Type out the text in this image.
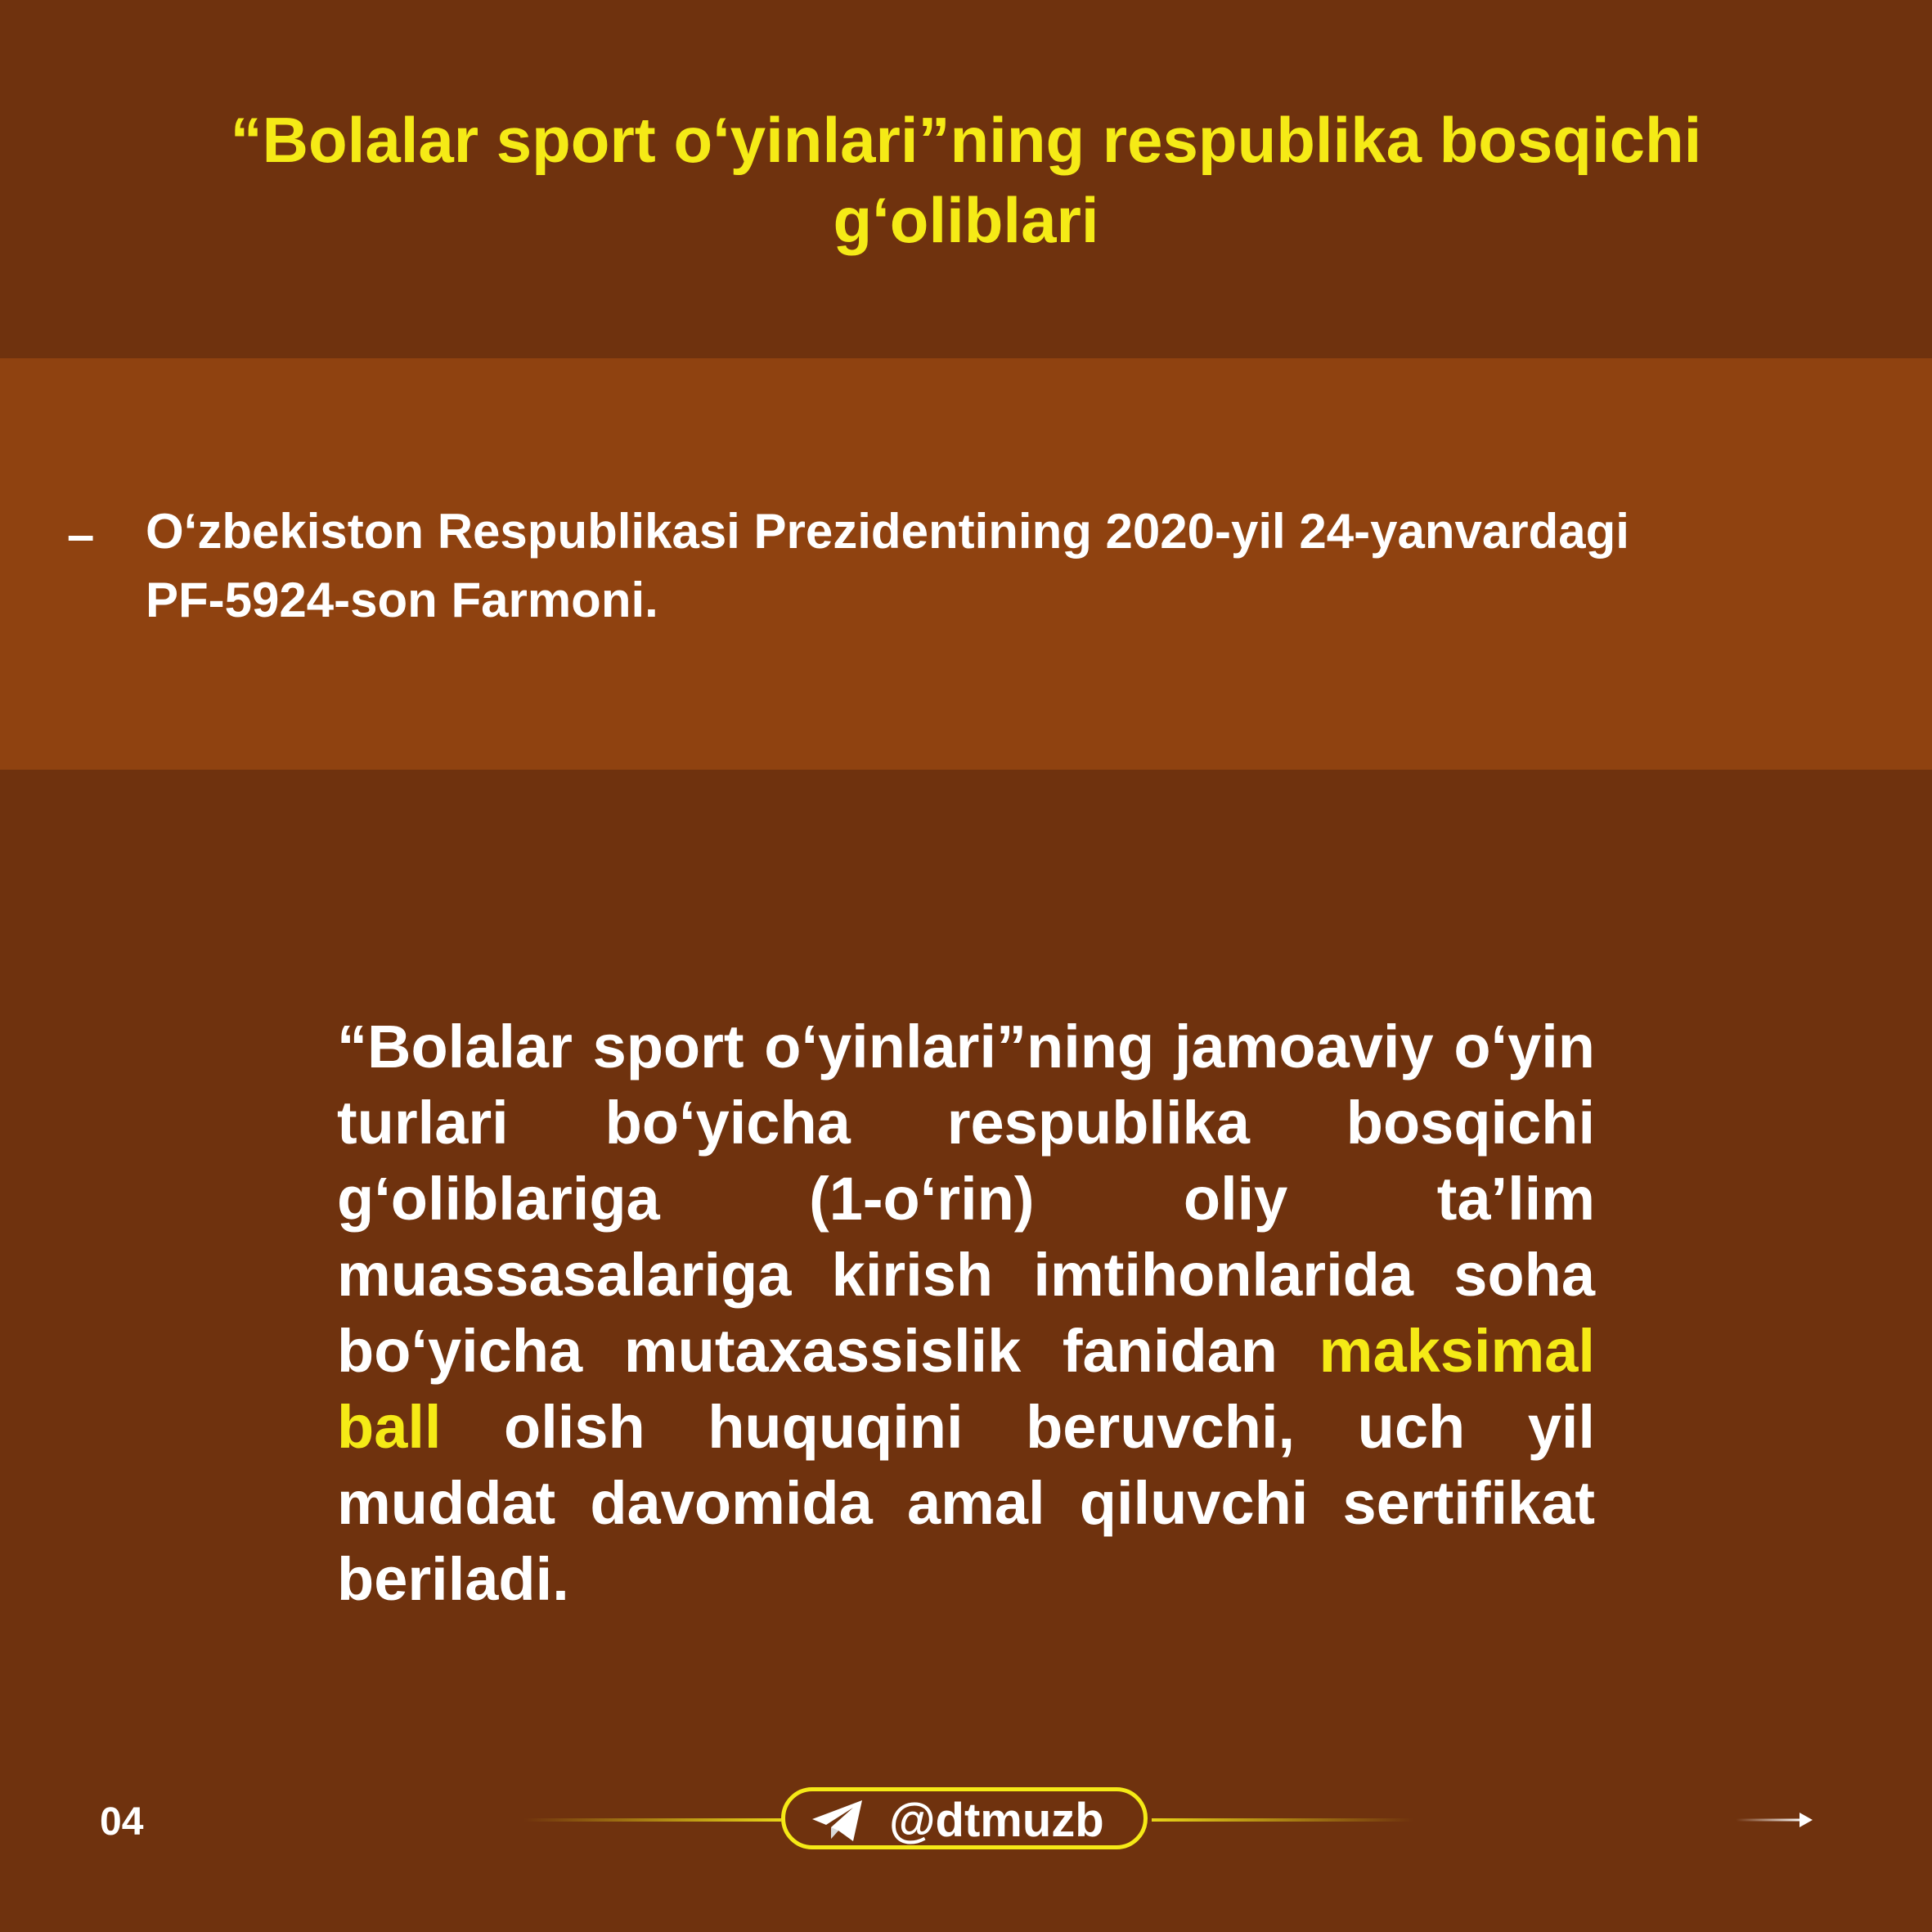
“Bolalar sport o‘yinlari”ning respublika bosqichi
g‘oliblari
– O‘zbekiston Respublikasi Prezidentining 2020-yil 24-yanvardagi
PF-5924-son Farmoni.

“Bolalar sport o‘yinlari”ning jamoaviy o‘yin turlari bo‘yicha respublika bosqichi g‘oliblariga (1-o‘rin) oliy ta’lim muassasalariga kirish imtihonlarida soha bo‘yicha mutaxassislik fanidan maksimal ball olish huquqini beruvchi, uch yil muddat davomida amal qiluvchi sertifikat beriladi.

04	@dtmuzb
